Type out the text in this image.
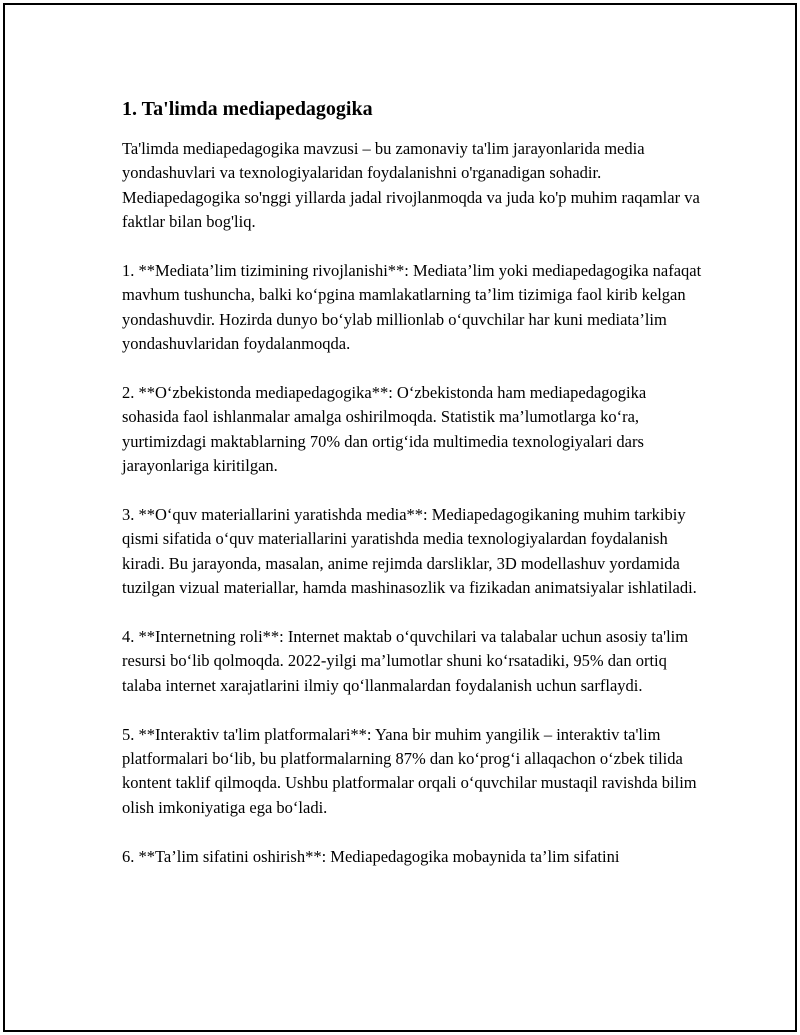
1. Ta'limda mediapedagogika

Ta'limda mediapedagogika mavzusi – bu zamonaviy ta'lim jarayonlarida media yondashuvlari va texnologiyalaridan foydalanishni o'rganadigan sohadir. Mediapedagogika so'nggi yillarda jadal rivojlanmoqda va juda ko'p muhim raqamlar va faktlar bilan bog'liq.

1. **Mediata’lim tizimining rivojlanishi**: Mediata’lim yoki mediapedagogika nafaqat mavhum tushuncha, balki ko‘pgina mamlakatlarning ta’lim tizimiga faol kirib kelgan yondashuvdir. Hozirda dunyo bo‘ylab millionlab o‘quvchilar har kuni mediata’lim yondashuvlaridan foydalanmoqda.

2. **O‘zbekistonda mediapedagogika**: O‘zbekistonda ham mediapedagogika sohasida faol ishlanmalar amalga oshirilmoqda. Statistik ma’lumotlarga ko‘ra, yurtimizdagi maktablarning 70% dan ortig‘ida multimedia texnologiyalari dars jarayonlariga kiritilgan.

3. **O‘quv materiallarini yaratishda media**: Mediapedagogikaning muhim tarkibiy qismi sifatida o‘quv materiallarini yaratishda media texnologiyalardan foydalanish kiradi. Bu jarayonda, masalan, anime rejimda darsliklar, 3D modellashuv yordamida tuzilgan vizual materiallar, hamda mashinasozlik va fizikadan animatsiyalar ishlatiladi.

4. **Internetning roli**: Internet maktab o‘quvchilari va talabalar uchun asosiy ta'lim resursi bo‘lib qolmoqda. 2022-yilgi ma’lumotlar shuni ko‘rsatadiki, 95% dan ortiq talaba internet xarajatlarini ilmiy qo‘llanmalardan foydalanish uchun sarflaydi.

5. **Interaktiv ta'lim platformalari**: Yana bir muhim yangilik – interaktiv ta'lim platformalari bo‘lib, bu platformalarning 87% dan ko‘prog‘i allaqachon o‘zbek tilida kontent taklif qilmoqda. Ushbu platformalar orqali o‘quvchilar mustaqil ravishda bilim olish imkoniyatiga ega bo‘ladi.

6. **Ta’lim sifatini oshirish**: Mediapedagogika mobaynida ta’lim sifatini
